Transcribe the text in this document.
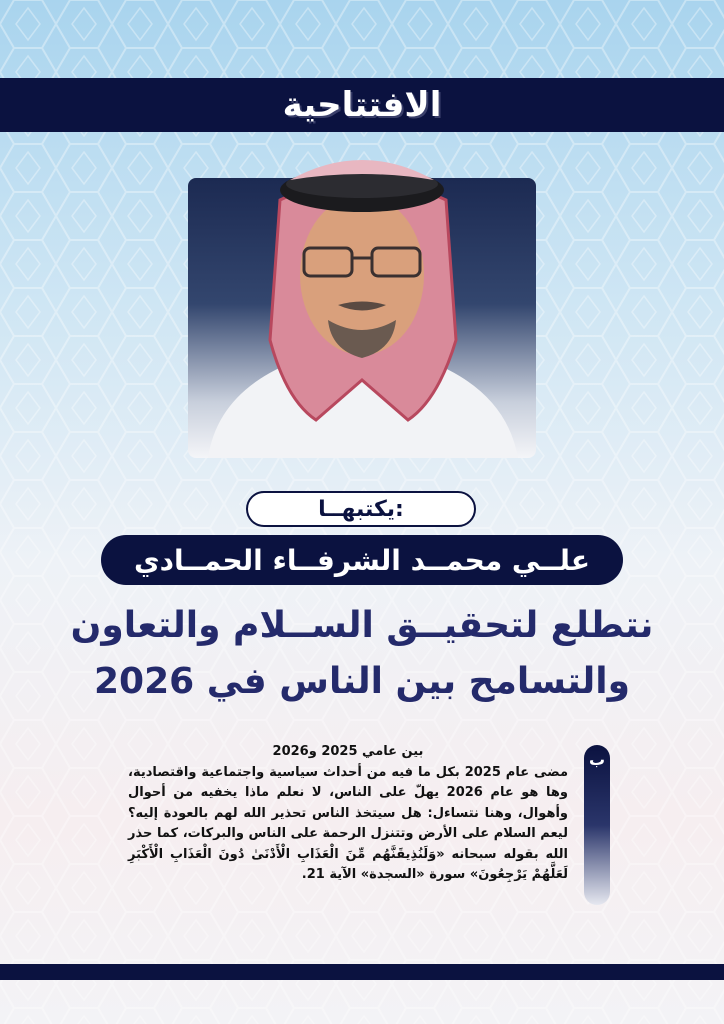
الافتتاحية
يكتبهــا:
علــي محمــد الشرفــاء الحمــادي
نتطلع لتحقيــق الســلام والتعاون
والتسامح بين الناس في 2026
ب
بين عامي 2025 و2026
مضى عام 2025 بكل ما فيه من أحداث سياسية واجتماعية واقتصادية، وها هو عام 2026 يهلّ على الناس، لا نعلم ماذا يخفيه من أحوال وأهوال، وهنا نتساءل: هل سيتخذ الناس تحذير الله لهم بالعودة إليه؟ ليعم السلام على الأرض وتتنزل الرحمة على الناس والبركات، كما حذر الله بقوله سبحانه «وَلَنُذِيقَنَّهُم مِّنَ الْعَذَابِ الْأَدْنَىٰ دُونَ الْعَذَابِ الْأَكْبَرِ لَعَلَّهُمْ يَرْجِعُونَ» سورة «السجدة» الآية 21.
